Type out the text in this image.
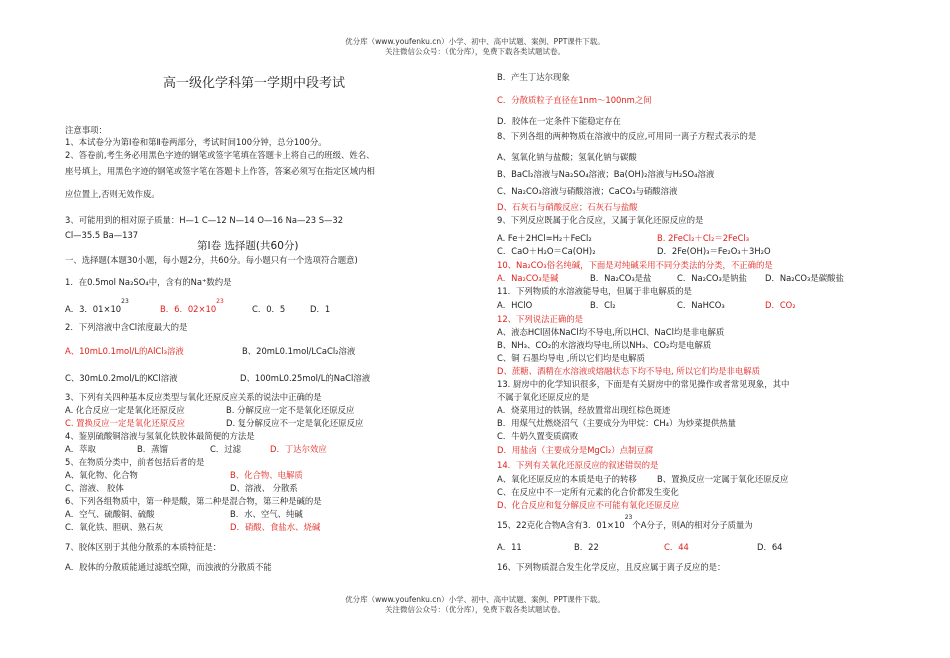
优分库（www.youfenku.cn）小学、初中、高中试题、案例、PPT课件下载。
关注微信公众号：（优分库），免费下载各类试题试卷。
高一级化学科第一学期中段考试
注意事项：
1、本试卷分为第Ⅰ卷和第Ⅱ卷两部分，考试时间100分钟，总分100分。
2、答卷前,考生务必用黑色字迹的钢笔或签字笔填在答题卡上将自己的班级、姓名、
座号填上，用黑色字迹的钢笔或签字笔在答题卡上作答，答案必须写在指定区域内相
应位置上,否则无效作废。
3、可能用到的相对原子质量：H—1 C—12 N—14 O—16 Na—23 S—32
Cl—35.5 Ba—137
第Ⅰ卷 选择题(共60分)
一、选择题(本题30小题，每小题2分，共60分。每小题只有一个选项符合题意)
1．在0.5mol Na₂SO₄中，含有的Na⁺数约是
A．3．$01\times 10^{23}$
B．6．$02\times 10^{23}$
C．0．5	D．1
2．下列溶液中含Cl浓度最大的是
A、10mL0.1mol/L的AlCl₃溶液	B、20mL0.1mol/LCaCl₂溶液
C、30mL0.2mol/L的KCl溶液	D、100mL0.25mol/L的NaCl溶液
3、下列有关四种基本反应类型与氧化还原反应关系的说法中正确的是
A. 化合反应一定是氧化还原反应	B. 分解反应一定不是氧化还原反应
C. 置换反应一定是氧化还原反应	D. 复分解反应不一定是氧化还原反应
4、鉴别硫酸铜溶液与氢氧化铁胶体最简便的方法是
A．萃取	B．蒸馏	C．过滤	D．丁达尔效应
5、在物质分类中，前者包括后者的是
A、氧化物、化合物	B、化合物、电解质
C、溶液、 胶体	D、溶液、 分散系
6、下列各组物质中，第一种是酸，第二种是混合物，第三种是碱的是
A．空气、硫酸铜、硫酸	B．水、空气、纯碱
C．氧化铁、胆矾、熟石灰	D．硝酸、食盐水、烧碱
7、胶体区别于其他分散系的本质特征是：
A．胶体的分散质能通过滤纸空隙，而浊液的分散质不能
B．产生丁达尔现象
C．分散质粒子直径在1nm～100nm之间
D．胶体在一定条件下能稳定存在
8、下列各组的两种物质在溶液中的反应,可用同一离子方程式表示的是
A、氢氧化钠与盐酸；氢氧化钠与碳酸
B、BaCl₂溶液与Na₂SO₄溶液；Ba(OH)₂溶液与H₂SO₄溶液
C、Na₂CO₃溶液与硝酸溶液；CaCO₃与硝酸溶液
D、石灰石与硝酸反应；石灰石与盐酸
9、下列反应既属于化合反应，又属于氧化还原反应的是
A. Fe＋2HCl=H₂＋FeCl₂	B. 2FeCl₂＋Cl₂＝2FeCl₃
C．CaO＋H₂O＝Ca(OH)₂	D．2Fe(OH)₃＝Fe₂O₃＋3H₂O
10、Na₂CO₃俗名纯碱，下面是对纯碱采用不同分类法的分类，不正确的是
A．Na₂CO₃是碱	B．Na₂CO₃是盐	C．Na₂CO₃是钠盐 D．Na₂CO₃是碳酸盐
11．下列物质的水溶液能导电，但属于非电解质的是
A．HClO	B．Cl₂	C．NaHCO₃	D．CO₂
12、下列说法正确的是
A、液态HCl固体NaCl均不导电,所以HCl、NaCl均是非电解质
B、NH₃、CO₂的水溶液均导电,所以NH₃、CO₂均是电解质
C、铜 石墨均导电 ,所以它们均是电解质
D、蔗糖、酒精在水溶液或熔融状态下均不导电, 所以它们均是非电解质
13. 厨房中的化学知识很多，下面是有关厨房中的常见操作或者常见现象，其中
不属于氧化还原反应的是
A．烧菜用过的铁锅，经放置常出现红棕色斑迹
B．用煤气灶燃烧沼气（主要成分为甲烷：CH₄）为炒菜提供热量
C．牛奶久置变质腐败
D．用盐卤（主要成分是MgCl₂）点制豆腐
14．下列有关氧化还原反应的叙述错误的是
A、氧化还原反应的本质是电子的转移 B、置换反应一定属于氧化还原反应
C、在反应中不一定所有元素的化合价都发生变化
D、化合反应和复分解反应不可能有氧化还原反应
15、22克化合物A含有3．$01\times 10^{23}$个A分子，则A的相对分子质量为
A．11	B．22	C．44	D．64
16、下列物质混合发生化学反应，且反应属于离子反应的是：
优分库（www.youfenku.cn）小学、初中、高中试题、案例、PPT课件下载。
关注微信公众号：（优分库），免费下载各类试题试卷。
